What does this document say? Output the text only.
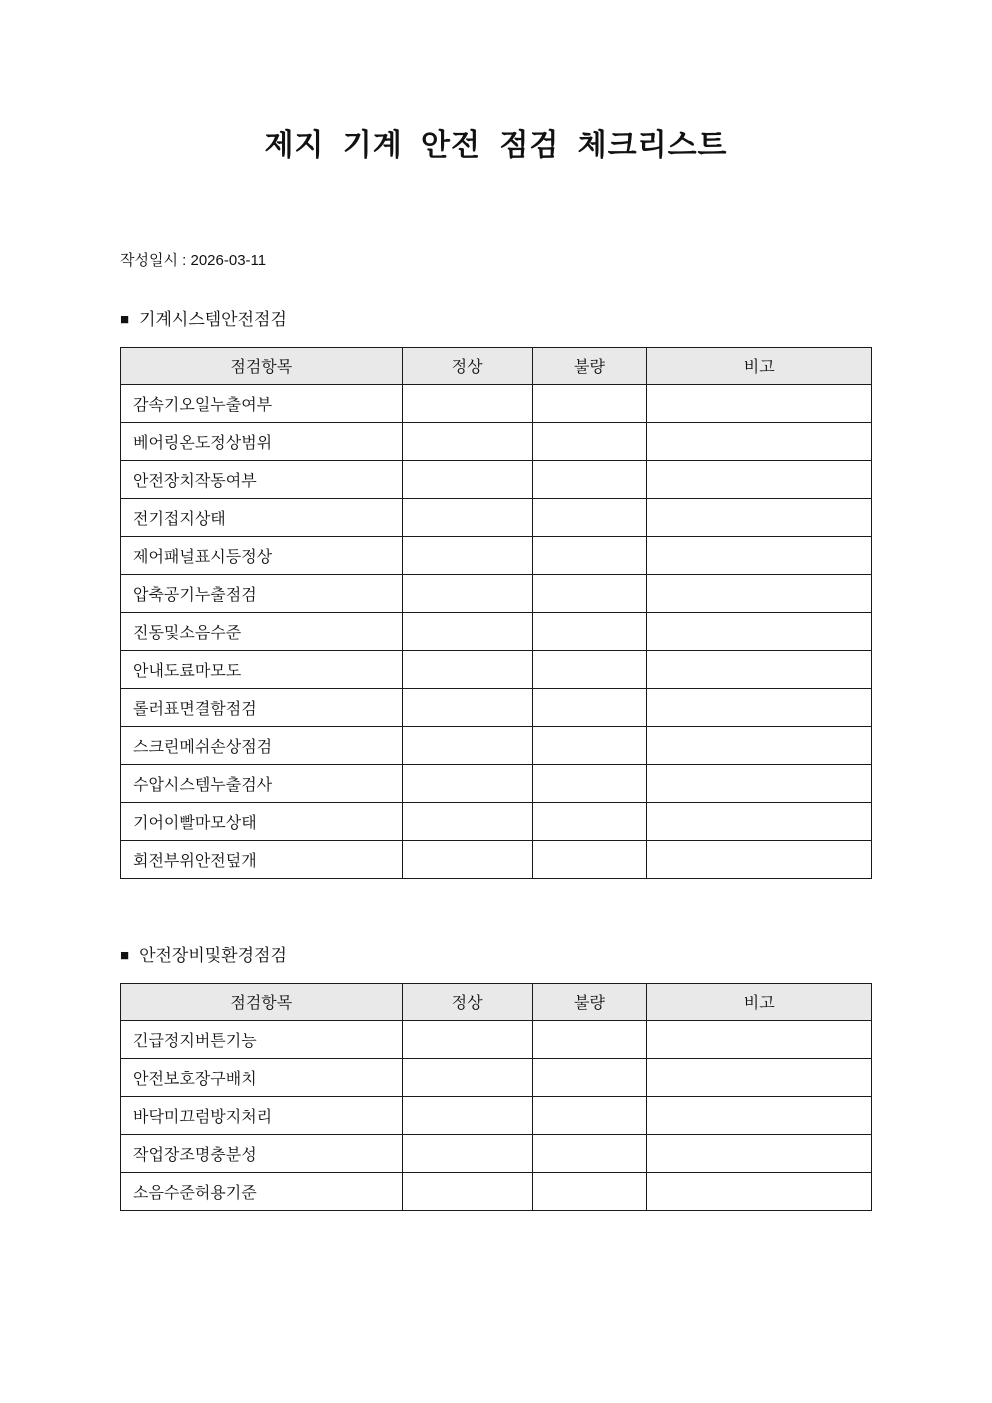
제지 기계 안전 점검 체크리스트
작성일시 : 2026-03-11
■ 기계시스템안전점검
점검항목	정상	불량	비고
감속기오일누출여부			
베어링온도정상범위			
안전장치작동여부			
전기접지상태			
제어패널표시등정상			
압축공기누출점검			
진동및소음수준			
안내도료마모도			
롤러표면결함점검			
스크린메쉬손상점검			
수압시스템누출검사			
기어이빨마모상태			
회전부위안전덮개			
■ 안전장비및환경점검
점검항목	정상	불량	비고
긴급정지버튼기능			
안전보호장구배치			
바닥미끄럼방지처리			
작업장조명충분성			
소음수준허용기준			
